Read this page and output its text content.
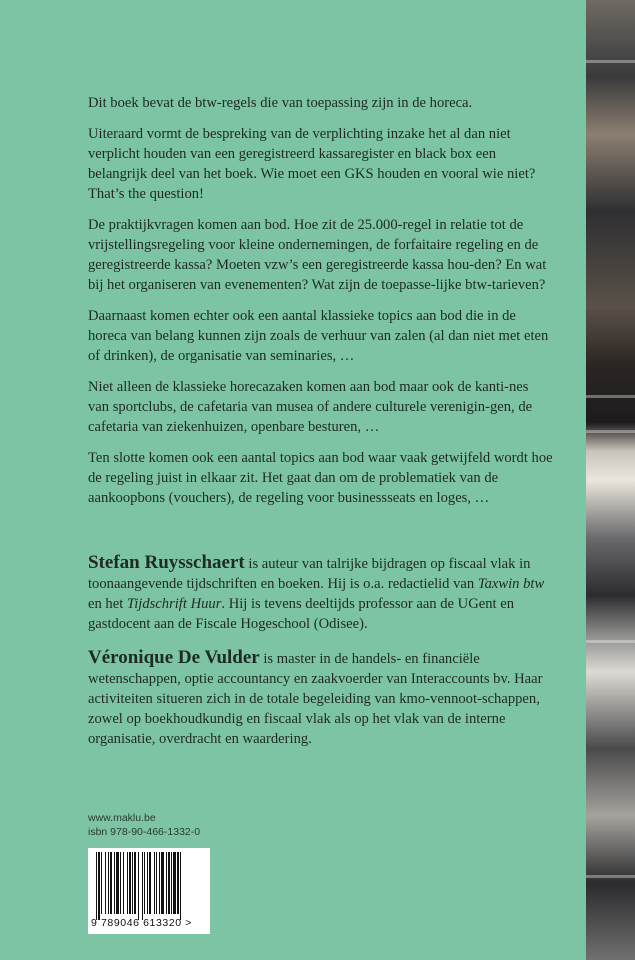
Dit boek bevat de btw-regels die van toepassing zijn in de horeca.

Uiteraard vormt de bespreking van de verplichting inzake het al dan niet verplicht houden van een geregistreerd kassaregister en black box een belangrijk deel van het boek. Wie moet een GKS houden en vooral wie niet? That’s the question!

De praktijkvragen komen aan bod. Hoe zit de 25.000-regel in relatie tot de vrijstellingsregeling voor kleine ondernemingen, de forfaitaire regeling en de geregistreerde kassa? Moeten vzw’s een geregistreerde kassa hou-den? En wat bij het organiseren van evenementen? Wat zijn de toepasse-lijke btw-tarieven?

Daarnaast komen echter ook een aantal klassieke topics aan bod die in de horeca van belang kunnen zijn zoals de verhuur van zalen (al dan niet met eten of drinken), de organisatie van seminaries, …

Niet alleen de klassieke horecazaken komen aan bod maar ook de kanti-nes van sportclubs, de cafetaria van musea of andere culturele verenigin-gen, de cafetaria van ziekenhuizen, openbare besturen, …

Ten slotte komen ook een aantal topics aan bod waar vaak getwijfeld wordt hoe de regeling juist in elkaar zit. Het gaat dan om de problematiek van de aankoopbons (vouchers), de regeling voor businessseats en loges, …

Stefan Ruysschaert is auteur van talrijke bijdragen op fiscaal vlak in toonaangevende tijdschriften en boeken. Hij is o.a. redactielid van Taxwin btw en het Tijdschrift Huur. Hij is tevens deeltijds professor aan de UGent en gastdocent aan de Fiscale Hogeschool (Odisee).

Véronique De Vulder is master in de handels- en financiële wetenschappen, optie accountancy en zaakvoerder van Interaccounts bv. Haar activiteiten situeren zich in de totale begeleiding van kmo-vennoot-schappen, zowel op boekhoudkundig en fiscaal vlak als op het vlak van de interne organisatie, overdracht en waardering.

www.maklu.be
isbn 978-90-466-1332-0
9 789046 613320 >
